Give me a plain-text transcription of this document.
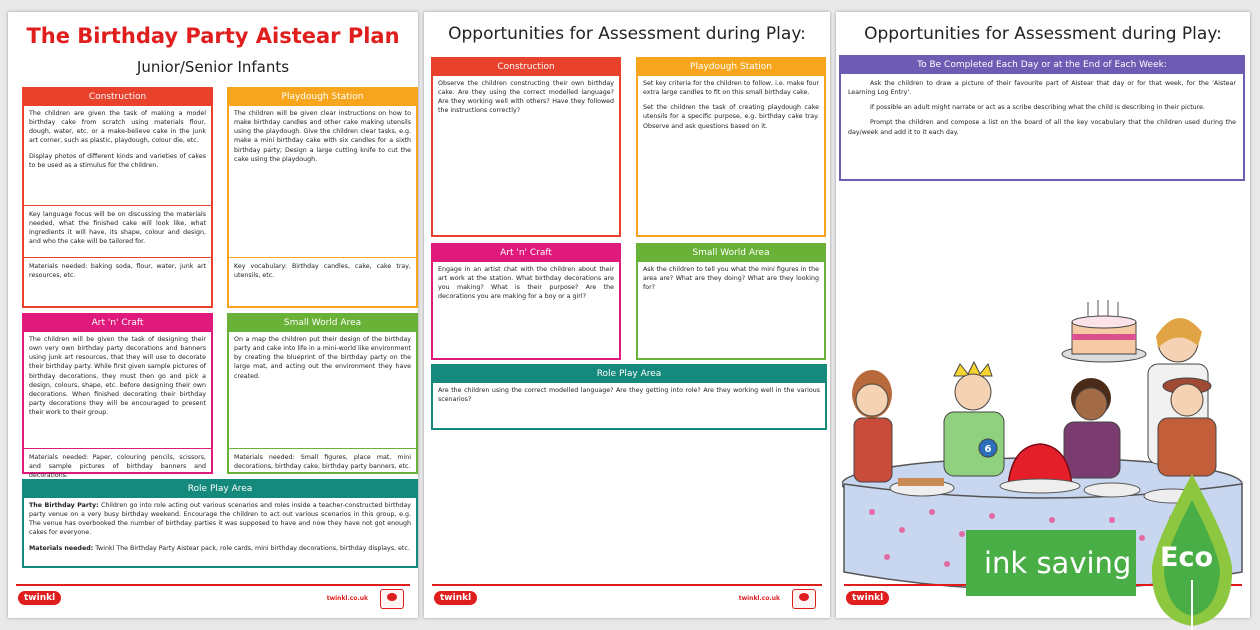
The Birthday Party Aistear Plan
Junior/Senior Infants
Construction

The children are given the task of making a model birthday cake from scratch using materials flour, dough, water, etc. or a make-believe cake in the junk art corner, such as plastic, playdough, colour die, etc.

Display photos of different kinds and varieties of cakes to be used as a stimulus for the children.

Key language focus will be on discussing the materials needed, what the finished cake will look like, what ingredients it will have, its shape, colour and design, and who the cake will be tailored for.
Materials needed: baking soda, flour, water, junk art resources, etc.
Playdough Station
The children will be given clear instructions on how to make birthday candles and other cake making utensils using the playdough. Give the children clear tasks, e.g. make a mini birthday cake with six candles for a sixth birthday party; Design a large cutting knife to cut the cake using the playdough.
Key vocabulary: Birthday candles, cake, cake tray, utensils, etc.
Art 'n' Craft
The children will be given the task of designing their own very own birthday party decorations and banners using junk art resources, that they will use to decorate their birthday party. While first given sample pictures of birthday decorations, they must then go and pick a design, colours, shape, etc. before designing their own decorations. When finished decorating their birthday party decorations they will be encouraged to present their work to their group.
Materials needed: Paper, colouring pencils, scissors, and sample pictures of birthday banners and decorations.
Small World Area
On a map the children put their design of the birthday party and cake into life in a mini-world like environment by creating the blueprint of the birthday party on the large mat, and acting out the environment they have created.
Materials needed: Small figures, place mat, mini decorations, birthday cake, birthday party banners, etc.
Role Play Area

The Birthday Party: Children go into role acting out various scenarios and roles inside a teacher-constructed birthday party venue on a very busy birthday weekend. Encourage the children to act out various scenarios in this group, e.g. The venue has overbooked the number of birthday parties it was supposed to have and now they have not got enough cakes for everyone.

Materials needed: Twinkl The Birthday Party Aistear pack, role cards, mini birthday decorations, birthday displays, etc.

twinkl	twinkl.co.uk
Opportunities for Assessment during Play:
Construction
Observe the children constructing their own birthday cake. Are they using the correct modelled language? Are they working well with others? Have they followed the instructions correctly?
Playdough Station

Set key criteria for the children to follow, i.e. make four extra large candles to fit on this small birthday cake.

Set the children the task of creating playdough cake utensils for a specific purpose, e.g. birthday cake tray. Observe and ask questions based on it.

Art 'n' Craft
Engage in an artist chat with the children about their art work at the station. What birthday decorations are you making? What is their purpose? Are the decorations you are making for a boy or a girl?
Small World Area
Ask the children to tell you what the mini figures in the area are? What are they doing? What are they looking for?
Role Play Area
Are the children using the correct modelled language? Are they getting into role? Are they working well in the various scenarios?
twinkl	twinkl.co.uk
Opportunities for Assessment during Play:
To Be Completed Each Day or at the End of Each Week:

Ask the children to draw a picture of their favourite part of Aistear that day or for that week, for the 'Aistear Learning Log Entry'.

If possible an adult might narrate or act as a scribe describing what the child is describing in their picture.

Prompt the children and compose a list on the board of all the key vocabulary that the children used during the day/week and add it to it each day.

6
twinkl
ink saving Eco
